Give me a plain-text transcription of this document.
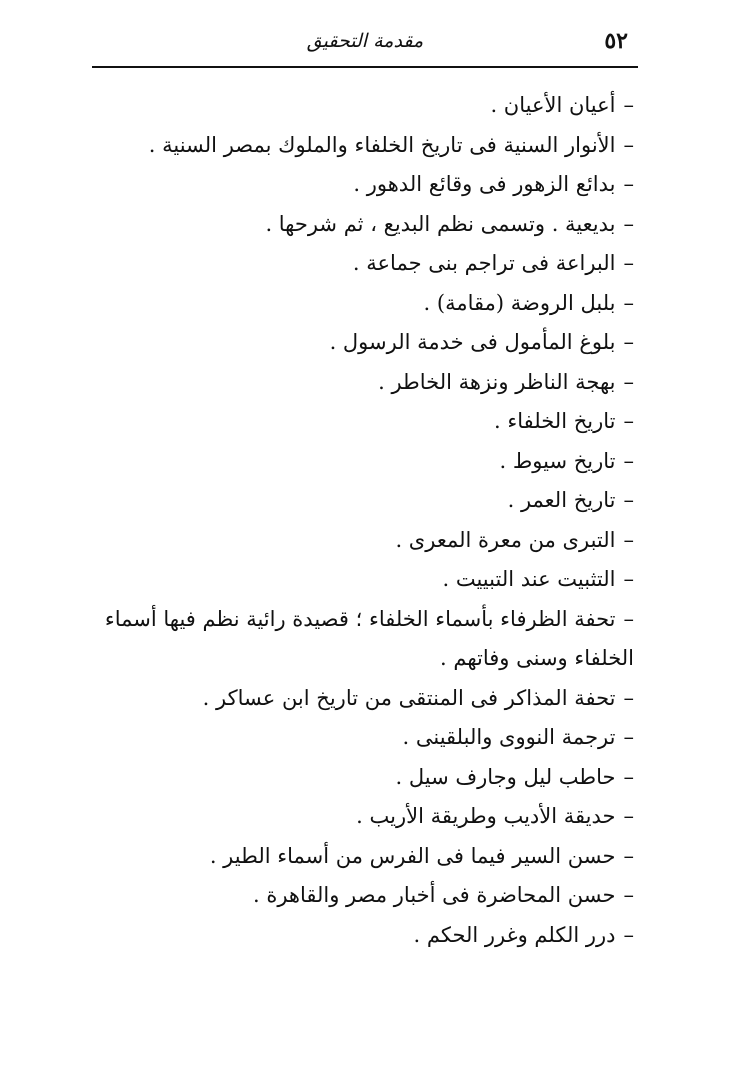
٥٢
مقدمة التحقيق
–أعيان الأعيان .
–الأنوار السنية فى تاريخ الخلفاء والملوك بمصر السنية .
–بدائع الزهور فى وقائع الدهور .
–بديعية . وتسمى نظم البديع ، ثم شرحها .
–البراعة فى تراجم بنى جماعة .
–بلبل الروضة (مقامة) .
–بلوغ المأمول فى خدمة الرسول .
–بهجة الناظر ونزهة الخاطر .
–تاريخ الخلفاء .
–تاريخ سيوط .
–تاريخ العمر .
–التبرى من معرة المعرى .
–التثبيت عند التبييت .
–تحفة الظرفاء بأسماء الخلفاء ؛ قصيدة رائية نظم فيها أسماء الخلفاء وسنى وفاتهم .
–تحفة المذاكر فى المنتقى من تاريخ ابن عساكر .
–ترجمة النووى والبلقينى .
–حاطب ليل وجارف سيل .
–حديقة الأديب وطريقة الأريب .
–حسن السير فيما فى الفرس من أسماء الطير .
–حسن المحاضرة فى أخبار مصر والقاهرة .
–درر الكلم وغرر الحكم .
